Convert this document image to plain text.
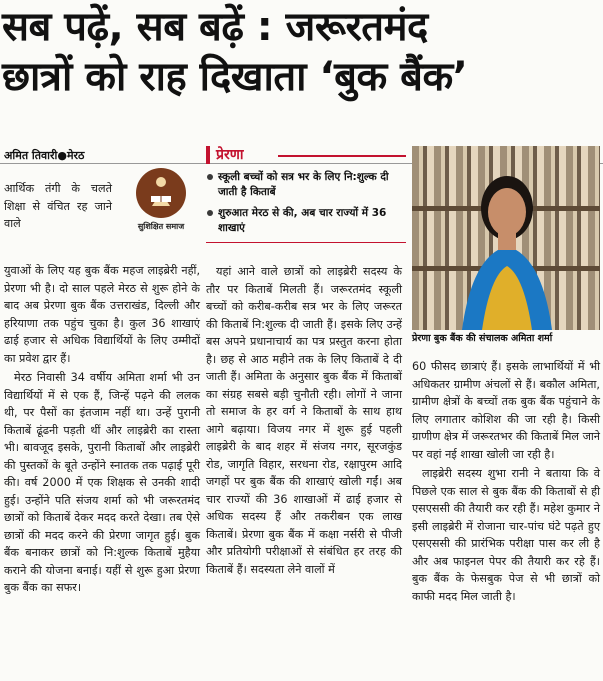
सब पढ़ें, सब बढ़ें : जरूरतमंद
छात्रों को राह दिखाता ‘बुक बैंक’
अमित तिवारी●मेरठ
आर्थिक तंगी के चलते शिक्षा से वंचित रह जाने वाले	सुशिक्षित समाज

युवाओं के लिए यह बुक बैंक महज लाइब्रेरी नहीं, प्रेरणा भी है। दो साल पहले मेरठ से शुरू होने के बाद अब प्रेरणा बुक बैंक उत्तराखंड, दिल्ली और हरियाणा तक पहुंच चुका है। कुल 36 शाखाएं ढाई हजार से अधिक विद्यार्थियों के लिए उम्मीदों का प्रवेश द्वार हैं।

मेरठ निवासी 34 वर्षीय अमिता शर्मा भी उन विद्यार्थियों में से एक हैं, जिन्हें पढ़ने की ललक थी, पर पैसों का इंतजाम नहीं था। उन्हें पुरानी किताबें ढूंढनी पड़ती थीं और लाइब्रेरी का रास्ता भी। बावजूद इसके, पुरानी किताबों और लाइब्रेरी की पुस्तकों के बूते उन्होंने स्नातक तक पढ़ाई पूरी की। वर्ष 2000 में एक शिक्षक से उनकी शादी हुई। उन्होंने पति संजय शर्मा को भी जरूरतमंद छात्रों को किताबें देकर मदद करते देखा। तब ऐसे छात्रों की मदद करने की प्रेरणा जागृत हुई। बुक बैंक बनाकर छात्रों को नि:शुल्क किताबें मुहैया कराने की योजना बनाई। यहीं से शुरू हुआ प्रेरणा बुक बैंक का सफर।

प्रेरणा
स्कूली बच्चों को सत्र भर के लिए नि:शुल्क दी जाती है किताबें
शुरुआत मेरठ से की, अब चार राज्यों में 36 शाखाएं

यहां आने वाले छात्रों को लाइब्रेरी सदस्य के तौर पर किताबें मिलती हैं। जरूरतमंद स्कूली बच्चों को करीब-करीब सत्र भर के लिए जरूरत की किताबें नि:शुल्क दी जाती हैं। इसके लिए उन्हें बस अपने प्रधानाचार्य का पत्र प्रस्तुत करना होता है। छह से आठ महीने तक के लिए किताबें दे दी जाती हैं। अमिता के अनुसार बुक बैंक में किताबों का संग्रह सबसे बड़ी चुनौती रही। लोगों ने जाना तो समाज के हर वर्ग ने किताबों के साथ हाथ आगे बढ़ाया। विजय नगर में शुरू हुई पहली लाइब्रेरी के बाद शहर में संजय नगर, सूरजकुंड रोड, जागृति विहार, सरधना रोड, रक्षापुरम आदि जगहों पर बुक बैंक की शाखाएं खोली गईं। अब चार राज्यों की 36 शाखाओं में ढाई हजार से अधिक सदस्य हैं और तकरीबन एक लाख किताबें। प्रेरणा बुक बैंक में कक्षा नर्सरी से पीजी और प्रतियोगी परीक्षाओं से संबंधित हर तरह की किताबें हैं। सदस्यता लेने वालों में

प्रेरणा बुक बैंक की संचालक अमिता शर्मा

60 फीसद छात्राएं हैं। इसके लाभार्थियों में भी अधिकतर ग्रामीण अंचलों से हैं। बकौल अमिता, ग्रामीण क्षेत्रों के बच्चों तक बुक बैंक पहुंचाने के लिए लगातार कोशिश की जा रही है। किसी ग्राणीण क्षेत्र में जरूरतभर की किताबें मिल जाने पर वहां नई शाखा खोली जा रही है।

लाइब्रेरी सदस्य शुभा रानी ने बताया कि वे पिछले एक साल से बुक बैंक की किताबों से ही एसएससी की तैयारी कर रही हैं। महेश कुमार ने इसी लाइब्रेरी में रोजाना चार-पांच घंटे पढ़ते हुए एसएससी की प्रारंभिक परीक्षा पास कर ली है और अब फाइनल पेपर की तैयारी कर रहे हैं। बुक बैंक के फेसबुक पेज से भी छात्रों को काफी मदद मिल जाती है।
